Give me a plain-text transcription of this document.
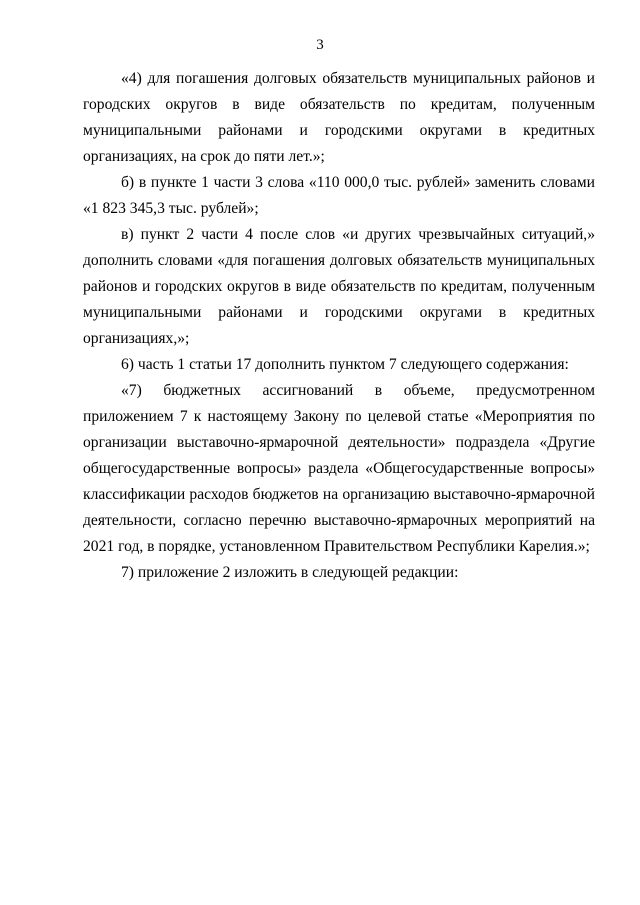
3

«4) для погашения долговых обязательств муниципальных районов и городских округов в виде обязательств по кредитам, полученным муниципальными районами и городскими округами в кредитных организациях, на срок до пяти лет.»;

б) в пункте 1 части 3 слова «110 000,0 тыс. рублей» заменить словами «1 823 345,3 тыс. рублей»;

в) пункт 2 части 4 после слов «и других чрезвычайных ситуаций,» дополнить словами «для погашения долговых обязательств муниципальных районов и городских округов в виде обязательств по кредитам, полученным муниципальными районами и городскими округами в кредитных организациях,»;

6) часть 1 статьи 17 дополнить пунктом 7 следующего содержания:

«7) бюджетных ассигнований в объеме, предусмотренном приложением 7 к настоящему Закону по целевой статье «Мероприятия по организации выставочно-ярмарочной деятельности» подраздела «Другие общегосударственные вопросы» раздела «Общегосударственные вопросы» классификации расходов бюджетов на организацию выставочно-ярмарочной деятельности, согласно перечню выставочно-ярмарочных мероприятий на 2021 год, в порядке, установленном Правительством Республики Карелия.»;

7) приложение 2 изложить в следующей редакции:
